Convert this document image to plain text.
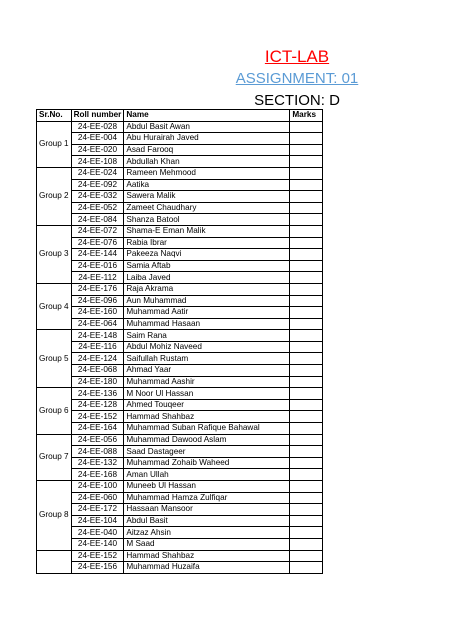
ICT-LAB
ASSIGNMENT: 01
SECTION: D
Sr.No.	Roll number	Name	Marks
Group 1	24-EE-028	Abdul Basit Awan	
	24-EE-004	Abu Hurairah Javed	
	24-EE-020	Asad Farooq	
	24-EE-108	Abdullah Khan	
Group 2	24-EE-024	Rameen Mehmood	
	24-EE-092	Aatika	
	24-EE-032	Sawera Malik	
	24-EE-052	Zameet Chaudhary	
	24-EE-084	Shanza Batool	
Group 3	24-EE-072	Shama-E Eman Malik	
	24-EE-076	Rabia Ibrar	
	24-EE-144	Pakeeza Naqvi	
	24-EE-016	Samia Aftab	
	24-EE-112	Laiba Javed	
Group 4	24-EE-176	Raja Akrama	
	24-EE-096	Aun Muhammad	
	24-EE-160	Muhammad Aatir	
	24-EE-064	Muhammad Hasaan	
Group 5	24-EE-148	Saim Rana	
	24-EE-116	Abdul Mohiz Naveed	
	24-EE-124	Saifullah Rustam	
	24-EE-068	Ahmad Yaar	
	24-EE-180	Muhammad Aashir	
Group 6	24-EE-136	M Noor Ul Hassan	
	24-EE-128	Ahmed Touqeer	
	24-EE-152	Hammad Shahbaz	
	24-EE-164	Muhammad Suban Rafique Bahawal	
Group 7	24-EE-056	Muhammad Dawood Aslam	
	24-EE-088	Saad Dastageer	
	24-EE-132	Muhammad Zohaib Waheed	
	24-EE-168	Aman Ullah	
Group 8	24-EE-100	Muneeb Ul Hassan	
	24-EE-060	Muhammad Hamza Zulfiqar	
	24-EE-172	Hassaan Mansoor	
	24-EE-104	Abdul Basit	
	24-EE-040	Aitzaz Ahsin	
	24-EE-140	M Saad	
	24-EE-152	Hammad Shahbaz	
	24-EE-156	Muhammad Huzaifa	
